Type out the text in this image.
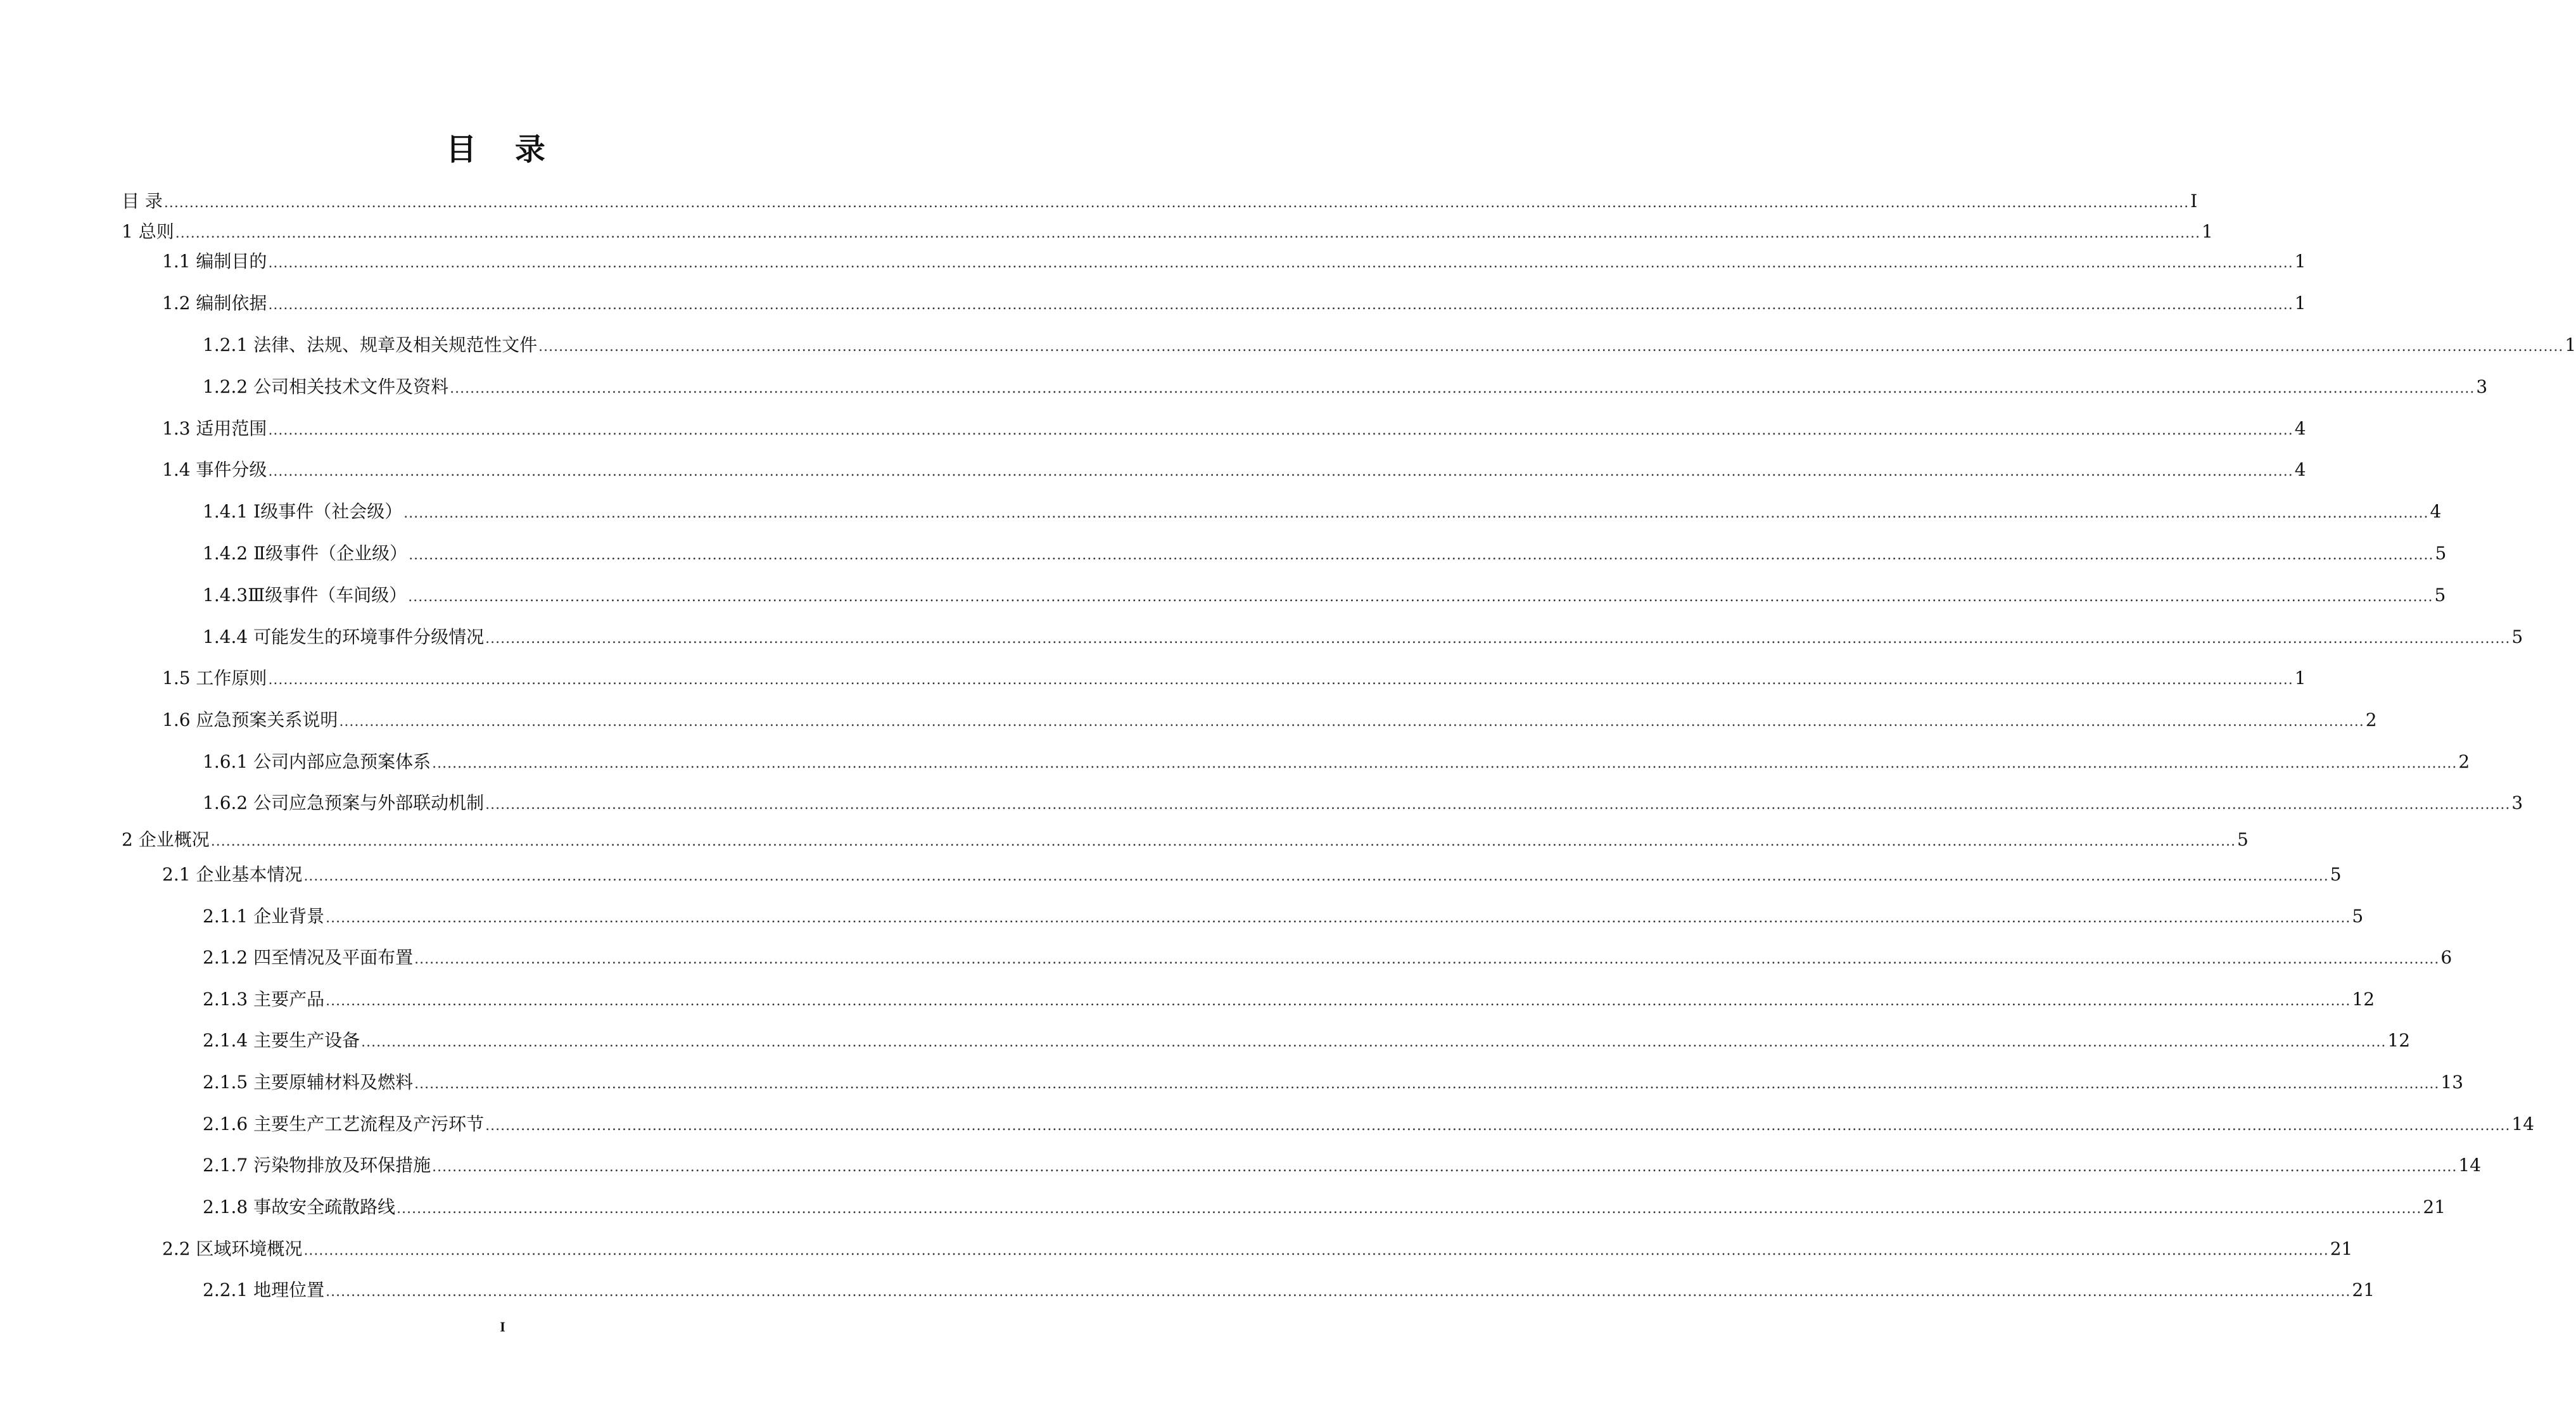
目 录
目 录 ................................................................................................................................................................................................................................................................................................................................................................................................................ I
1 总则 ................................................................................................................................................................................................................................................................................................................................................................................................................ 1
1.1 编制目的 ................................................................................................................................................................................................................................................................................................................................................................................................................ 1
1.2 编制依据 ................................................................................................................................................................................................................................................................................................................................................................................................................ 1
1.2.1 法律、法规、规章及相关规范性文件 ................................................................................................................................................................................................................................................................................................................................................................................................................ 1
1.2.2 公司相关技术文件及资料 ................................................................................................................................................................................................................................................................................................................................................................................................................ 3
1.3 适用范围 ................................................................................................................................................................................................................................................................................................................................................................................................................ 4
1.4 事件分级 ................................................................................................................................................................................................................................................................................................................................................................................................................ 4
1.4.1 Ⅰ级事件（社会级） ................................................................................................................................................................................................................................................................................................................................................................................................................ 4
1.4.2 Ⅱ级事件（企业级） ................................................................................................................................................................................................................................................................................................................................................................................................................ 5
1.4.3Ⅲ级事件（车间级） ................................................................................................................................................................................................................................................................................................................................................................................................................ 5
1.4.4 可能发生的环境事件分级情况 ................................................................................................................................................................................................................................................................................................................................................................................................................ 5
1.5 工作原则 ................................................................................................................................................................................................................................................................................................................................................................................................................ 1
1.6 应急预案关系说明 ................................................................................................................................................................................................................................................................................................................................................................................................................ 2
1.6.1 公司内部应急预案体系 ................................................................................................................................................................................................................................................................................................................................................................................................................ 2
1.6.2 公司应急预案与外部联动机制 ................................................................................................................................................................................................................................................................................................................................................................................................................ 3
2 企业概况 ................................................................................................................................................................................................................................................................................................................................................................................................................ 5
2.1 企业基本情况 ................................................................................................................................................................................................................................................................................................................................................................................................................ 5
2.1.1 企业背景 ................................................................................................................................................................................................................................................................................................................................................................................................................ 5
2.1.2 四至情况及平面布置 ................................................................................................................................................................................................................................................................................................................................................................................................................ 6
2.1.3 主要产品 ................................................................................................................................................................................................................................................................................................................................................................................................................ 12
2.1.4 主要生产设备 ................................................................................................................................................................................................................................................................................................................................................................................................................ 12
2.1.5 主要原辅材料及燃料 ................................................................................................................................................................................................................................................................................................................................................................................................................ 13
2.1.6 主要生产工艺流程及产污环节 ................................................................................................................................................................................................................................................................................................................................................................................................................ 14
2.1.7 污染物排放及环保措施 ................................................................................................................................................................................................................................................................................................................................................................................................................ 14
2.1.8 事故安全疏散路线 ................................................................................................................................................................................................................................................................................................................................................................................................................ 21
2.2 区域环境概况 ................................................................................................................................................................................................................................................................................................................................................................................................................ 21
2.2.1 地理位置 ................................................................................................................................................................................................................................................................................................................................................................................................................ 21
I
